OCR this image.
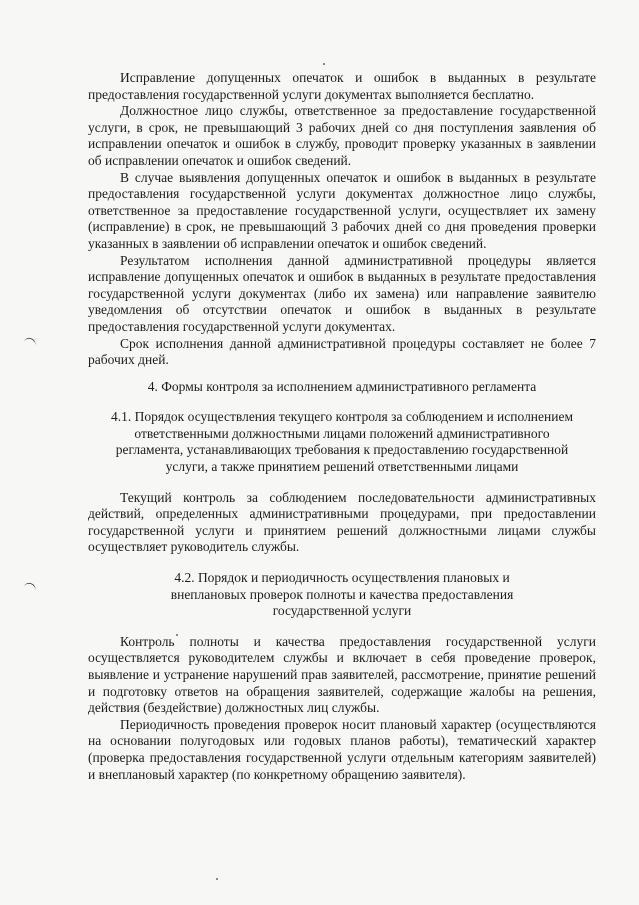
Исправление допущенных опечаток и ошибок в выданных в результате предоставления государственной услуги документах выполняется бесплатно.

Должностное лицо службы, ответственное за предоставление государственной услуги, в срок, не превышающий 3 рабочих дней со дня поступления заявления об исправлении опечаток и ошибок в службу, проводит проверку указанных в заявлении об исправлении опечаток и ошибок сведений.

В случае выявления допущенных опечаток и ошибок в выданных в результате предоставления государственной услуги документах должностное лицо службы, ответственное за предоставление государственной услуги, осуществляет их замену (исправление) в срок, не превышающий 3 рабочих дней со дня проведения проверки указанных в заявлении об исправлении опечаток и ошибок сведений.

Результатом исполнения данной административной процедуры является исправление допущенных опечаток и ошибок в выданных в результате предоставления государственной услуги документах (либо их замена) или направление заявителю уведомления об отсутствии опечаток и ошибок в выданных в результате предоставления государственной услуги документах.

Срок исполнения данной административной процедуры составляет не более 7 рабочих дней.

4. Формы контроля за исполнением административного регламента

4.1. Порядок осуществления текущего контроля за соблюдением и исполнением ответственными должностными лицами положений административного регламента, устанавливающих требования к предоставлению государственной услуги, а также принятием решений ответственными лицами

Текущий контроль за соблюдением последовательности административных действий, определенных административными процедурами, при предоставлении государственной услуги и принятием решений должностными лицами службы осуществляет руководитель службы.

4.2. Порядок и периодичность осуществления плановых и внеплановых проверок полноты и качества предоставления государственной услуги

Контроль полноты и качества предоставления государственной услуги осуществляется руководителем службы и включает в себя проведение проверок, выявление и устранение нарушений прав заявителей, рассмотрение, принятие решений и подготовку ответов на обращения заявителей, содержащие жалобы на решения, действия (бездействие) должностных лиц службы.

Периодичность проведения проверок носит плановый характер (осуществляются на основании полугодовых или годовых планов работы), тематический характер (проверка предоставления государственной услуги отдельным категориям заявителей) и внеплановый характер (по конкретному обращению заявителя).
